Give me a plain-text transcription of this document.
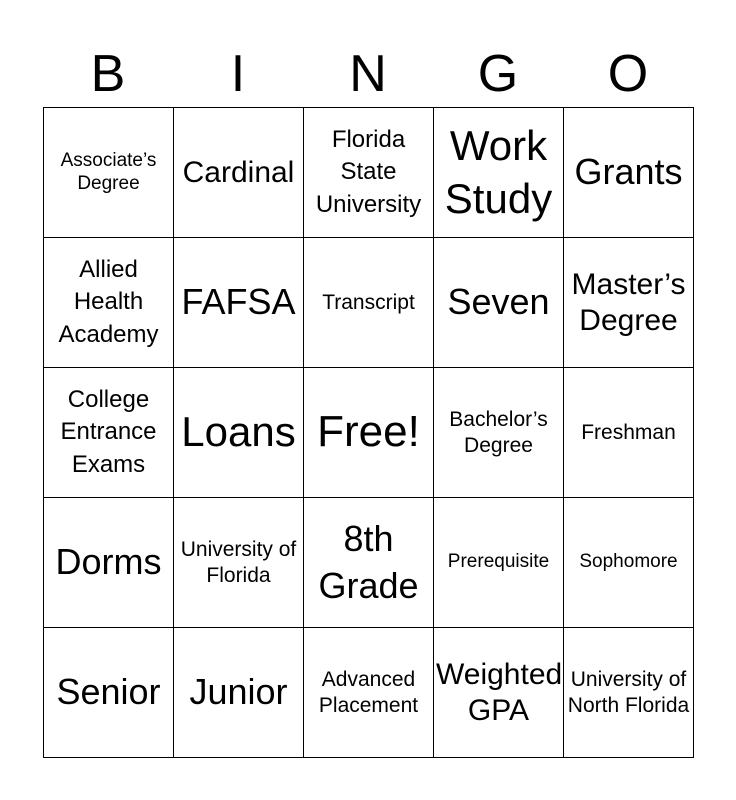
B	I	N	G	O
Associate’s Degree	Cardinal	Florida State University	Work Study	Grants
Allied Health Academy	FAFSA	Transcript	Seven	Master’s Degree
College Entrance Exams	Loans	Free!	Bachelor’s Degree	Freshman
Dorms	University of Florida	8th Grade	Prerequisite	Sophomore
Senior	Junior	Advanced Placement	Weighted GPA	University of North Florida
